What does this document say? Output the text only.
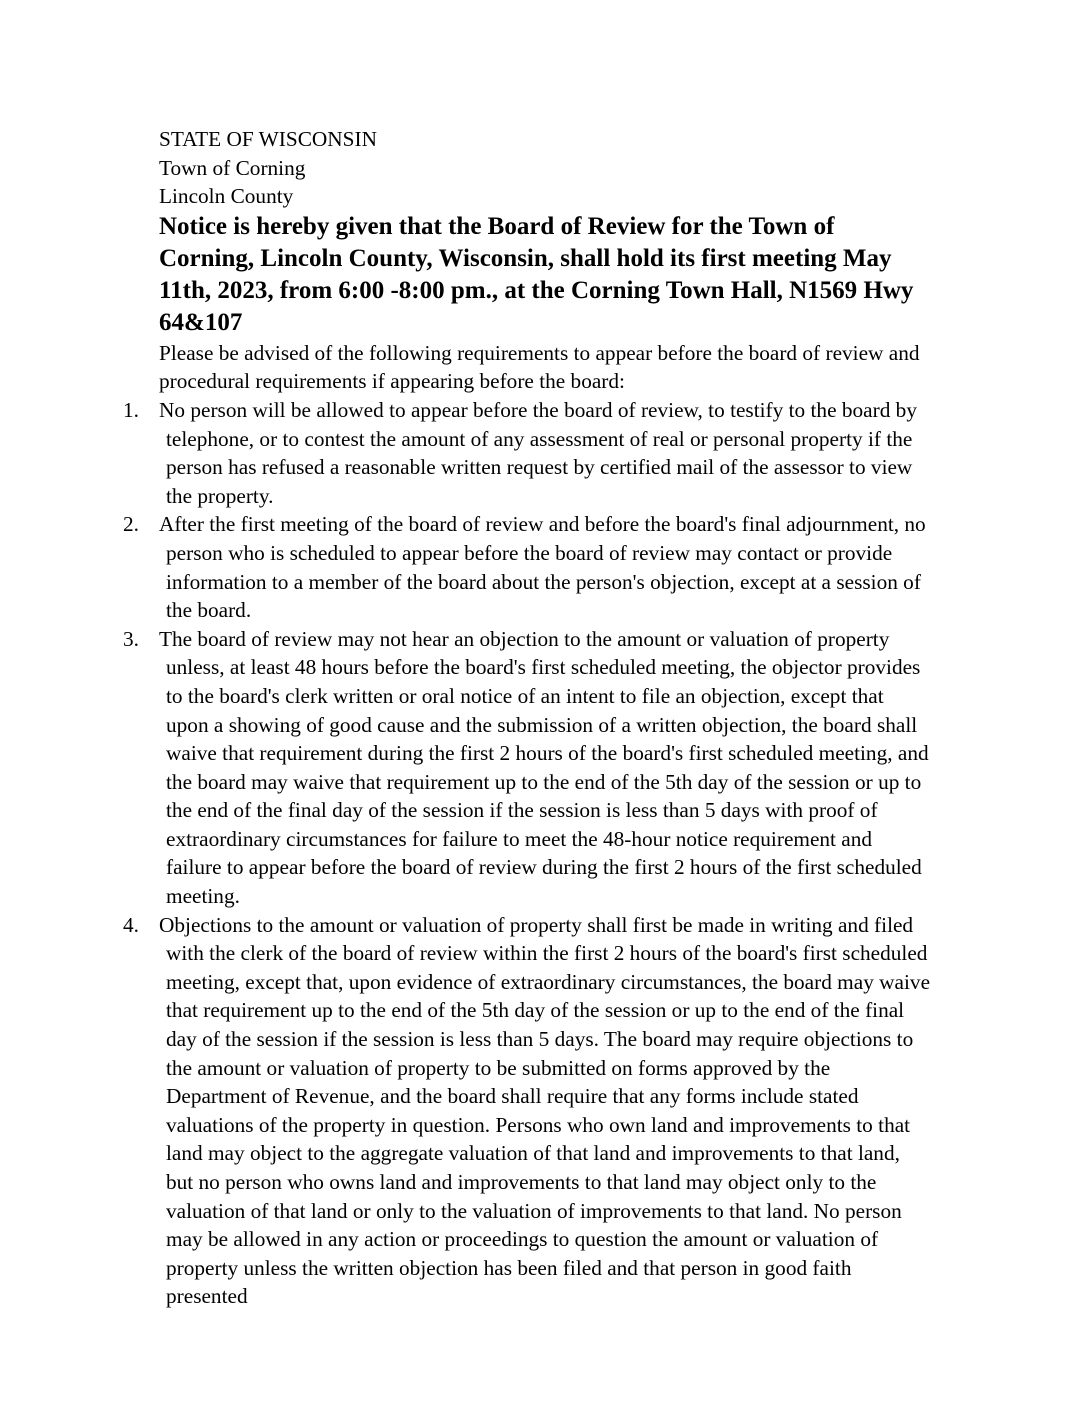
STATE OF WISCONSIN
Town of Corning
Lincoln County
Notice is hereby given that the Board of Review for the Town of Corning, Lincoln County, Wisconsin, shall hold its first meeting May 11th, 2023, from 6:00 -8:00 pm., at the Corning Town Hall, N1569 Hwy 64&107

Please be advised of the following requirements to appear before the board of review and procedural requirements if appearing before the board:

1. No person will be allowed to appear before the board of review, to testify to the board by telephone, or to contest the amount of any assessment of real or personal property if the person has refused a reasonable written request by certified mail of the assessor to view the property.
2. After the first meeting of the board of review and before the board's final adjournment, no person who is scheduled to appear before the board of review may contact or provide information to a member of the board about the person's objection, except at a session of the board.
3. The board of review may not hear an objection to the amount or valuation of property unless, at least 48 hours before the board's first scheduled meeting, the objector provides to the board's clerk written or oral notice of an intent to file an objection, except that upon a showing of good cause and the submission of a written objection, the board shall waive that requirement during the first 2 hours of the board's first scheduled meeting, and the board may waive that requirement up to the end of the 5th day of the session or up to the end of the final day of the session if the session is less than 5 days with proof of extraordinary circumstances for failure to meet the 48-hour notice requirement and failure to appear before the board of review during the first 2 hours of the first scheduled meeting.
4. Objections to the amount or valuation of property shall first be made in writing and filed with the clerk of the board of review within the first 2 hours of the board's first scheduled meeting, except that, upon evidence of extraordinary circumstances, the board may waive that requirement up to the end of the 5th day of the session or up to the end of the final day of the session if the session is less than 5 days. The board may require objections to the amount or valuation of property to be submitted on forms approved by the Department of Revenue, and the board shall require that any forms include stated valuations of the property in question. Persons who own land and improvements to that land may object to the aggregate valuation of that land and improvements to that land, but no person who owns land and improvements to that land may object only to the valuation of that land or only to the valuation of improvements to that land. No person may be allowed in any action or proceedings to question the amount or valuation of property unless the written objection has been filed and that person in good faith presented
